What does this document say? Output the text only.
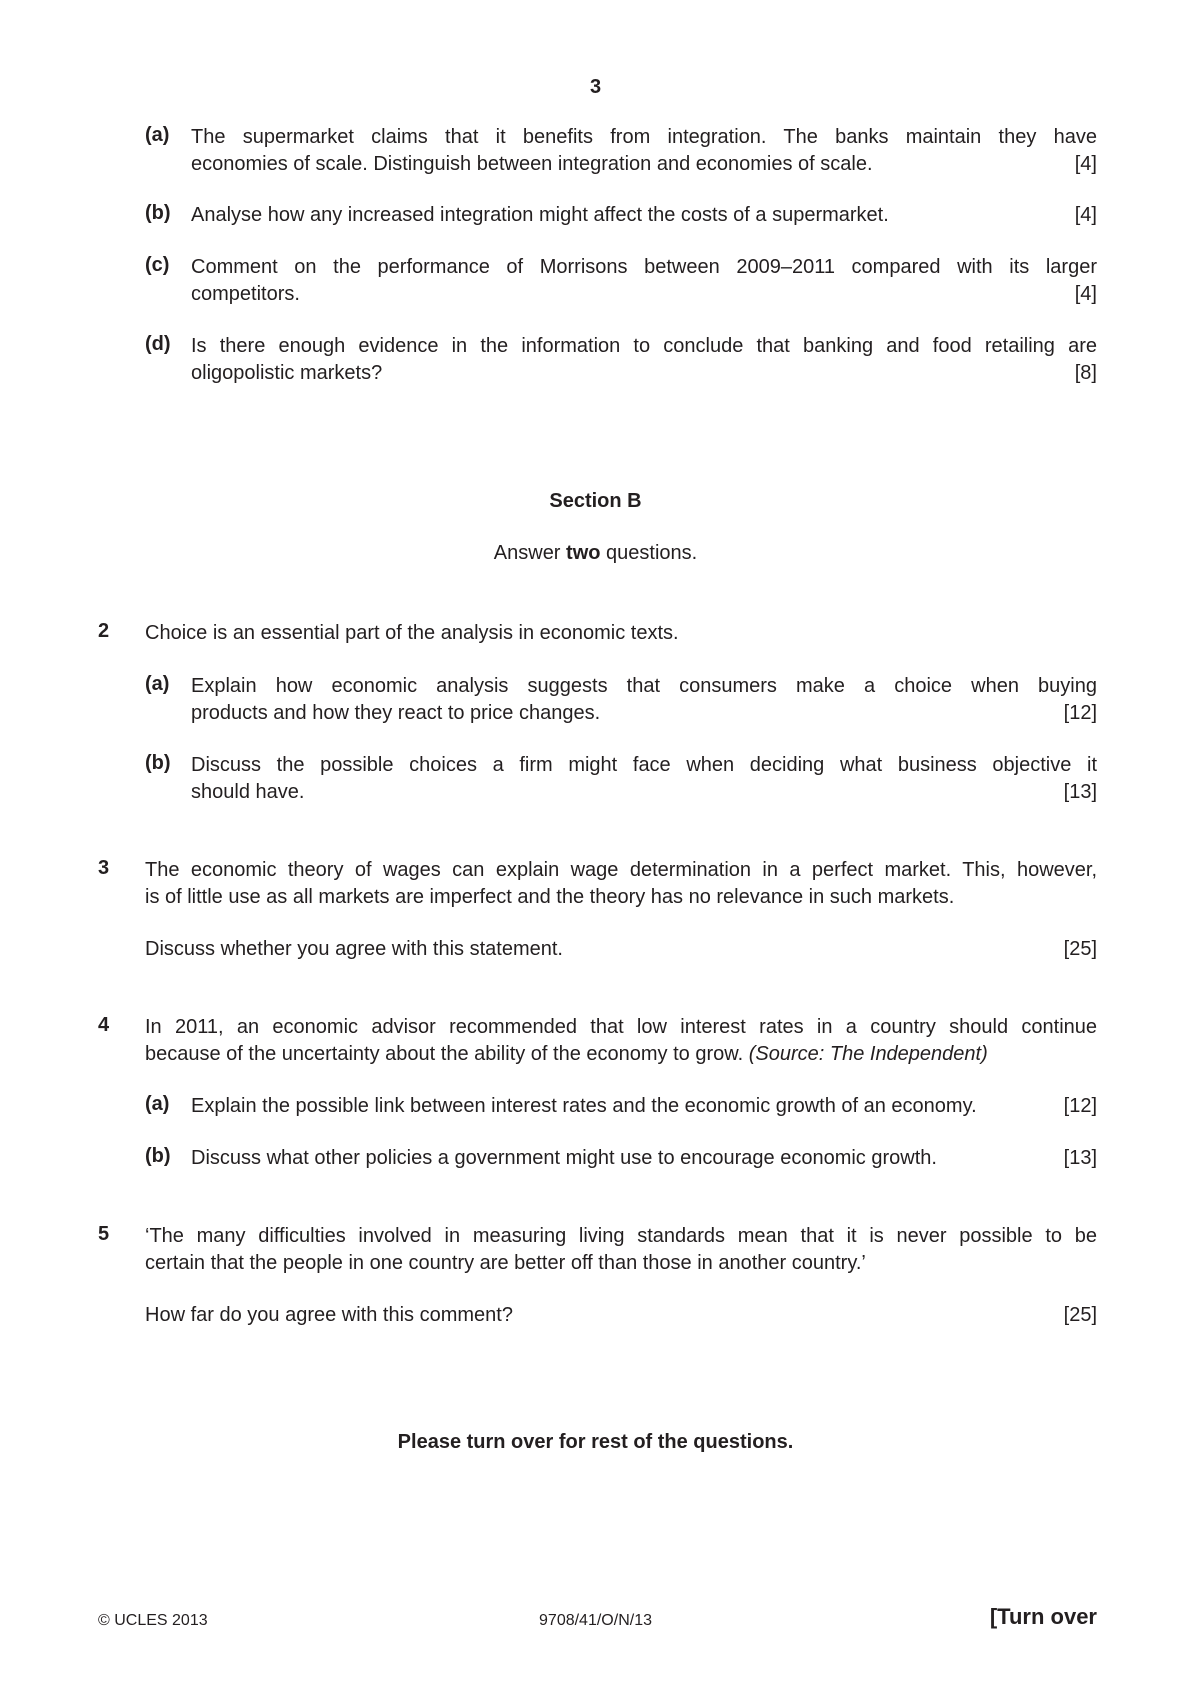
3
(a) The supermarket claims that it benefits from integration. The banks maintain they have
economies of scale. Distinguish between integration and economies of scale.	[4]
(b) Analyse how any increased integration might affect the costs of a supermarket.	[4]
(c) Comment on the performance of Morrisons between 2009–2011 compared with its larger
competitors.	[4]
(d) Is there enough evidence in the information to conclude that banking and food retailing are
oligopolistic markets?	[8]
Section B
Answer two questions.
2 Choice is an essential part of the analysis in economic texts.
(a) Explain how economic analysis suggests that consumers make a choice when buying
products and how they react to price changes.	[12]
(b) Discuss the possible choices a firm might face when deciding what business objective it
should have.	[13]
3 The economic theory of wages can explain wage determination in a perfect market. This, however,
is of little use as all markets are imperfect and the theory has no relevance in such markets.
Discuss whether you agree with this statement.	[25]
4 In 2011, an economic advisor recommended that low interest rates in a country should continue
because of the uncertainty about the ability of the economy to grow. (Source: The Independent)
(a) Explain the possible link between interest rates and the economic growth of an economy.	[12]
(b) Discuss what other policies a government might use to encourage economic growth.	[13]
5 ‘The many difficulties involved in measuring living standards mean that it is never possible to be
certain that the people in one country are better off than those in another country.’
How far do you agree with this comment?	[25]
Please turn over for rest of the questions.
© UCLES 2013	9708/41/O/N/13	[Turn over
